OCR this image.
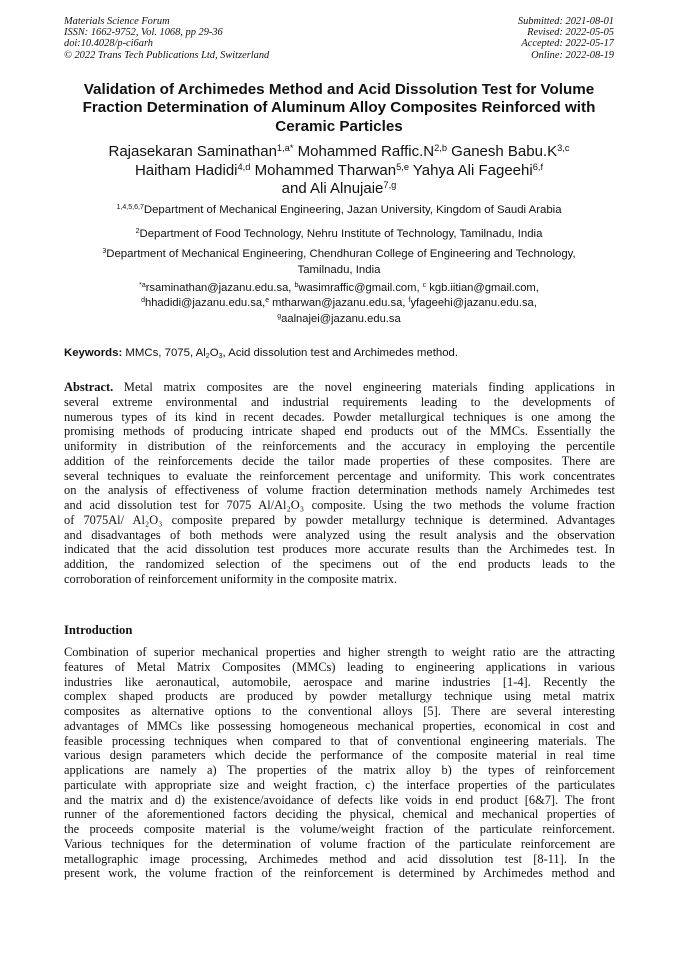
Materials Science Forum
ISSN: 1662-9752, Vol. 1068, pp 29-36
doi:10.4028/p-ci6arh
© 2022 Trans Tech Publications Ltd, Switzerland
Submitted: 2021-08-01
Revised: 2022-05-05
Accepted: 2022-05-17
Online: 2022-08-19
Validation of Archimedes Method and Acid Dissolution Test for Volume
Fraction Determination of Aluminum Alloy Composites Reinforced with
Ceramic Particles
Rajasekaran Saminathan$^{1,a*}$ Mohammed $Raffic.N^{2,b}$ Ganesh $Babu.K^{3,c}$
Haitham Hadidi$^{4,d}$ Mohammed Tharwan$^{5,e}$ Yahya Ali Fageehi$^{6,f}$
and Ali Alnujaie$^{7,g}$
$^{1,4,5,6,7}$Department of Mechanical Engineering, Jazan University, Kingdom of Saudi Arabia
$^2$Department of Food Technology, Nehru Institute of Technology, Tamilnadu, India
$^3$Department of Mechanical Engineering, Chendhuran College of Engineering and Technology,
Tamilnadu, India
$^{*a}$rsaminathan@jazanu.edu.sa, $^b$wasimraffic@gmail.com, $^c$ kgb.iitian@gmail.com,
$^d$hhadidi@jazanu.edu.sa,$^e$ mtharwan@jazanu.edu.sa, $^f$yfageehi@jazanu.edu.sa,
$^g$aalnajei@jazanu.edu.sa
Keywords: MMCs, 7075, $Al_2O_3$, Acid dissolution test and Archimedes method.
Abstract. Metal matrix composites are the novel engineering materials finding applications in
several extreme environmental and industrial requirements leading to the developments of
numerous types of its kind in recent decades. Powder metallurgical techniques is one among the
promising methods of producing intricate shaped end products out of the MMCs. Essentially the
uniformity in distribution of the reinforcements and the accuracy in employing the percentile
addition of the reinforcements decide the tailor made properties of these composites. There are
several techniques to evaluate the reinforcement percentage and uniformity. This work concentrates
on the analysis of effectiveness of volume fraction determination methods namely Archimedes test
and acid dissolution test for 7075 Al/Al₂O₃ composite. Using the two methods the volume fraction
of 7075Al/ Al₂O₃ composite prepared by powder metallurgy technique is determined. Advantages
and disadvantages of both methods were analyzed using the result analysis and the observation
indicated that the acid dissolution test produces more accurate results than the Archimedes test. In
addition, the randomized selection of the specimens out of the end products leads to the
corroboration of reinforcement uniformity in the composite matrix.
Introduction
Combination of superior mechanical properties and higher strength to weight ratio are the attracting
features of Metal Matrix Composites (MMCs) leading to engineering applications in various
industries like aeronautical, automobile, aerospace and marine industries [1-4]. Recently the
complex shaped products are produced by powder metallurgy technique using metal matrix
composites as alternative options to the conventional alloys [5]. There are several interesting
advantages of MMCs like possessing homogeneous mechanical properties, economical in cost and
feasible processing techniques when compared to that of conventional engineering materials. The
various design parameters which decide the performance of the composite material in real time
applications are namely a) The properties of the matrix alloy b) the types of reinforcement
particulate with appropriate size and weight fraction, c) the interface properties of the particulates
and the matrix and d) the existence/avoidance of defects like voids in end product [6&7]. The front
runner of the aforementioned factors deciding the physical, chemical and mechanical properties of
the proceeds composite material is the volume/weight fraction of the particulate reinforcement.
Various techniques for the determination of volume fraction of the particulate reinforcement are
metallographic image processing, Archimedes method and acid dissolution test [8-11]. In the
present work, the volume fraction of the reinforcement is determined by Archimedes method and
